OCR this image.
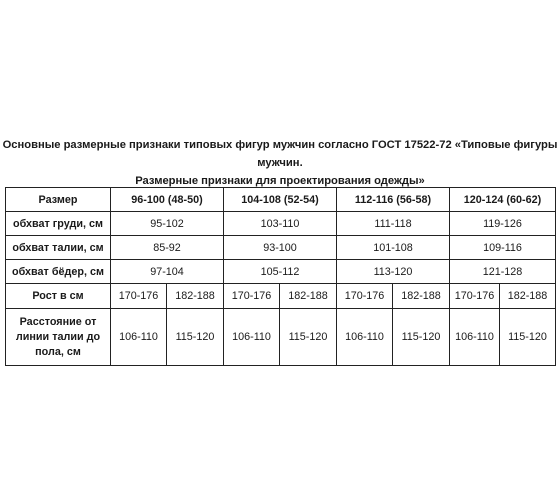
Основные размерные признаки типовых фигур мужчин согласно ГОСТ 17522-72 «Типовые фигуры мужчин.
Размерные признаки для проектирования одежды»
Размер	96-100 (48-50)		104-108 (52-54)		112-116 (56-58)		120-124 (60-62)	
обхват груди, см	95-102		103-110		111-118		119-126	
обхват талии, см	85-92		93-100		101-108		109-116	
обхват бёдер, см	97-104		105-112		113-120		121-128	
Рост в см	170-176	182-188	170-176	182-188	170-176	182-188	170-176	182-188

Расстояние от
линии талии до
пола, см	106-110	115-120	106-110	115-120	106-110	115-120	106-110	115-120
